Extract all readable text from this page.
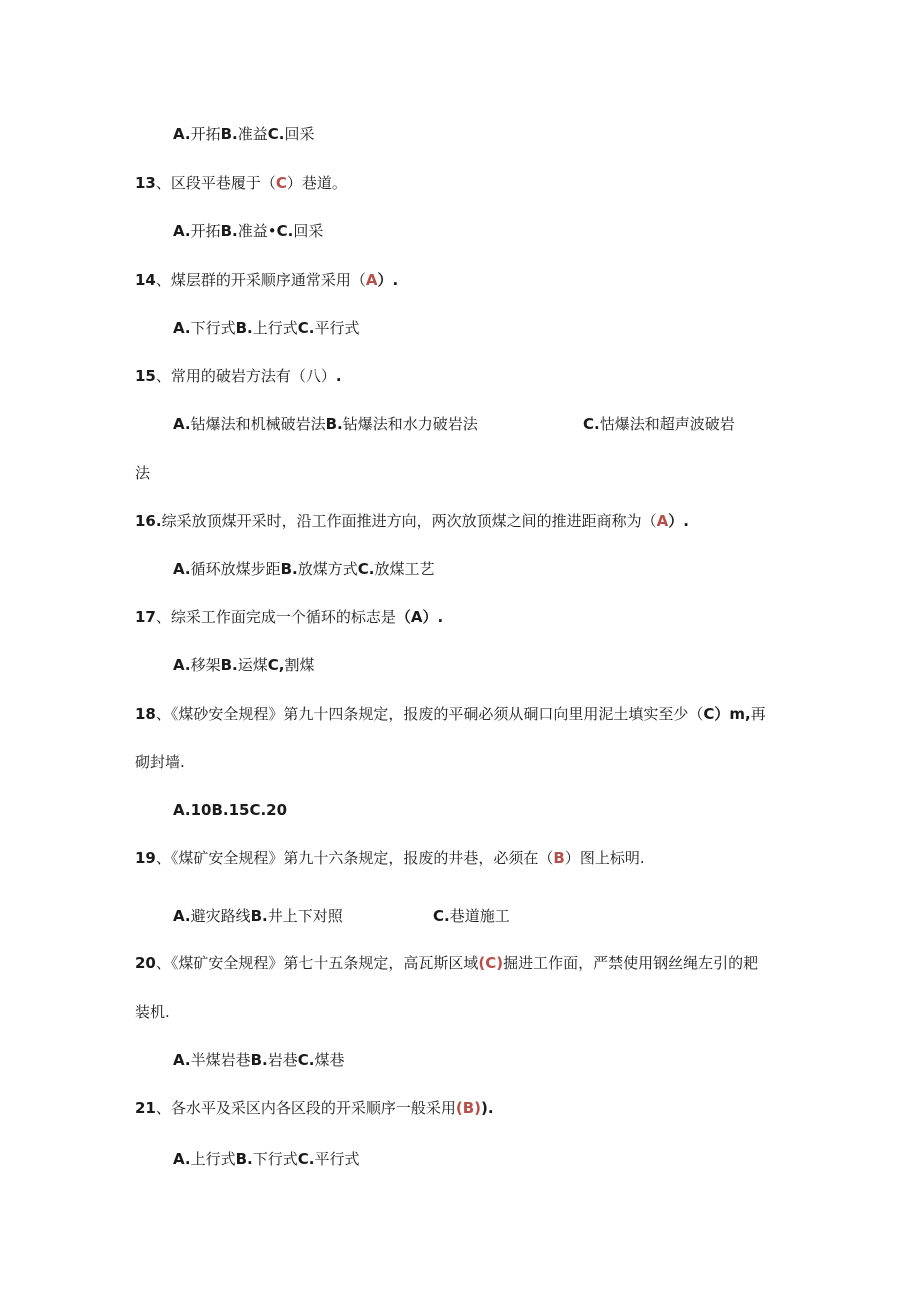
A.开拓B.准益C.回采
13、区段平巷履于（C）巷道。
A.开拓B.准益•C.回采
14、煤层群的开采顺序通常采用（A）.
A.下行式B.上行式C.平行式
15、常用的破岩方法有（八）.
A.钻爆法和机械破岩法B.钻爆法和水力破岩法	C.怙爆法和超声波破岩
法
16.综采放顶煤开采时，沿工作面推进方向，两次放顶煤之间的推进距商称为（A）.
A.循环放煤步距B.放煤方式C.放煤工艺
17、综采工作面完成一个循环的标志是（A）.
A.移架B.运煤C,割煤
18、《煤砂安全规程》第九十四条规定，报废的平硐必须从硐口向里用泥土填实至少（C）m,再
砌封墙.
A.10B.15C.20
19、《煤矿安全规程》第九十六条规定，报废的井巷，必须在（B）图上标明.
A.避灾路线B.井上下对照	C.巷道施工
20、《煤矿安全规程》第七十五条规定，高瓦斯区域(C)掘进工作面，严禁使用钢丝绳左引的耙
装机.
A.半煤岩巷B.岩巷C.煤巷
21、各水平及采区内各区段的开采顺序一般采用(B)).
A.上行式B.下行式C.平行式
